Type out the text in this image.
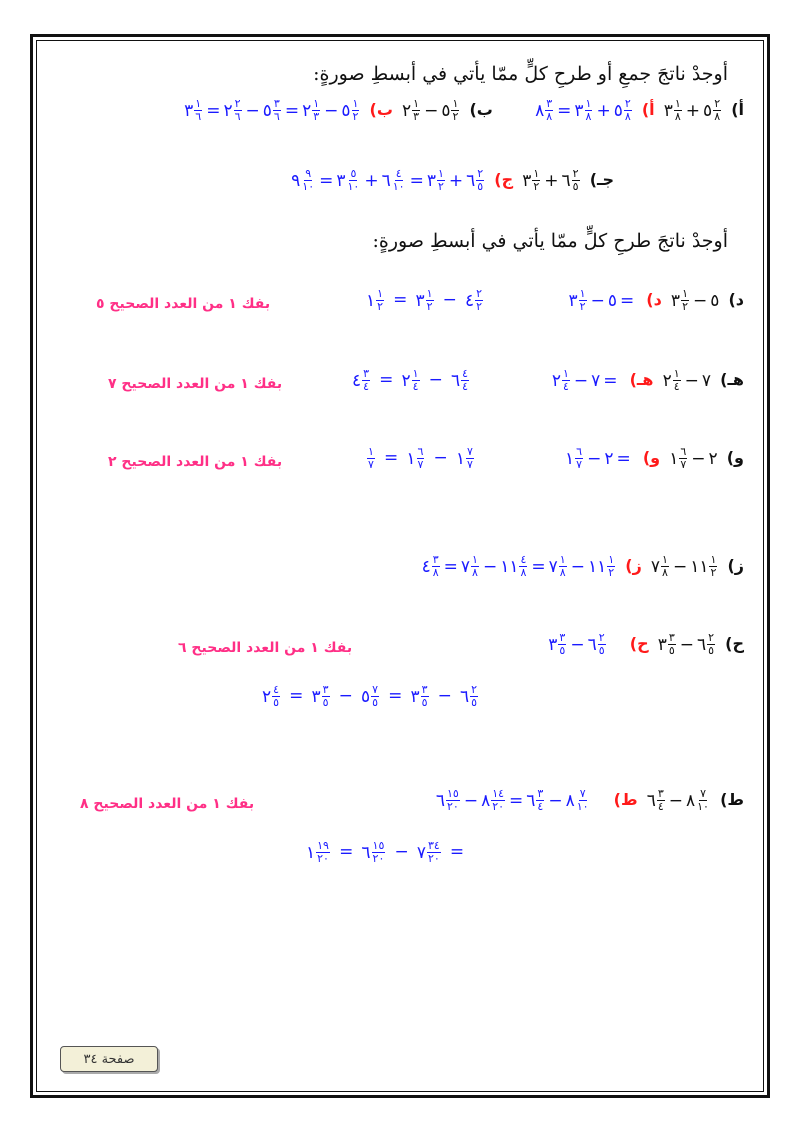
أوجدْ ناتجَ جمعِ أو طرحِ كلٍّ ممّا يأتي في أبسطِ صورةٍ:
أ)
٣ ١
٨ + ٥ ٢
٨
أ)
٨ ٣
٨ = ٣ ١
٨ + ٥ ٢
٨
ب)
٢ ١
٣ − ٥ ١
٢
ب)
٣ ١
٦ = ٢ ٢
٦ − ٥ ٣
٦ = ٢ ١
٣ − ٥ ١
٢
جـ)
٣ ١
٢ + ٦ ٢
٥
ج)
٩ ٩
١٠ = ٣ ٥
١٠ + ٦ ٤
١٠ = ٣ ١
٢ + ٦ ٢
٥
أوجدْ ناتجَ طرحِ كلٍّ ممّا يأتي في أبسطِ صورةٍ:
د)
٣ ١
٢ − ٥
د)
٣ ١
٢ − ٥ =
١ ١
٢ = ٣ ١
٢ − ٤ ٢
٢
بفك ١ من العدد الصحيح ٥
هـ)
٢ ١
٤ − ٧
هـ)
٢ ١
٤ − ٧ =
٤ ٣
٤ = ٢ ١
٤ − ٦ ٤
٤
بفك ١ من العدد الصحيح ٧
و)
١ ٦
٧ − ٢
و)
١ ٦
٧ − ٢ =
١
٧ = ١ ٦
٧ − ١ ٧
٧
بفك ١ من العدد الصحيح ٢
ز)
٧ ١
٨ − ١١ ١
٢
ز)
٤ ٣
٨ = ٧ ١
٨ − ١١ ٤
٨ = ٧ ١
٨ − ١١ ١
٢
ح)
٣ ٣
٥ − ٦ ٢
٥
ح)
٣ ٣
٥ − ٦ ٢
٥
بفك ١ من العدد الصحيح ٦
٢ ٤
٥ = ٣ ٣
٥ − ٥ ٧
٥ = ٣ ٣
٥ − ٦ ٢
٥
ط)
٦ ٣
٤ − ٨ ٧
١٠
ط)
٦ ١٥
٢٠ − ٨ ١٤
٢٠ = ٦ ٣
٤ − ٨ ٧
١٠
بفك ١ من العدد الصحيح ٨
١ ١٩
٢٠ = ٦ ١٥
٢٠ − ٧ ٣٤
٢٠ =
صفحة ٣٤
